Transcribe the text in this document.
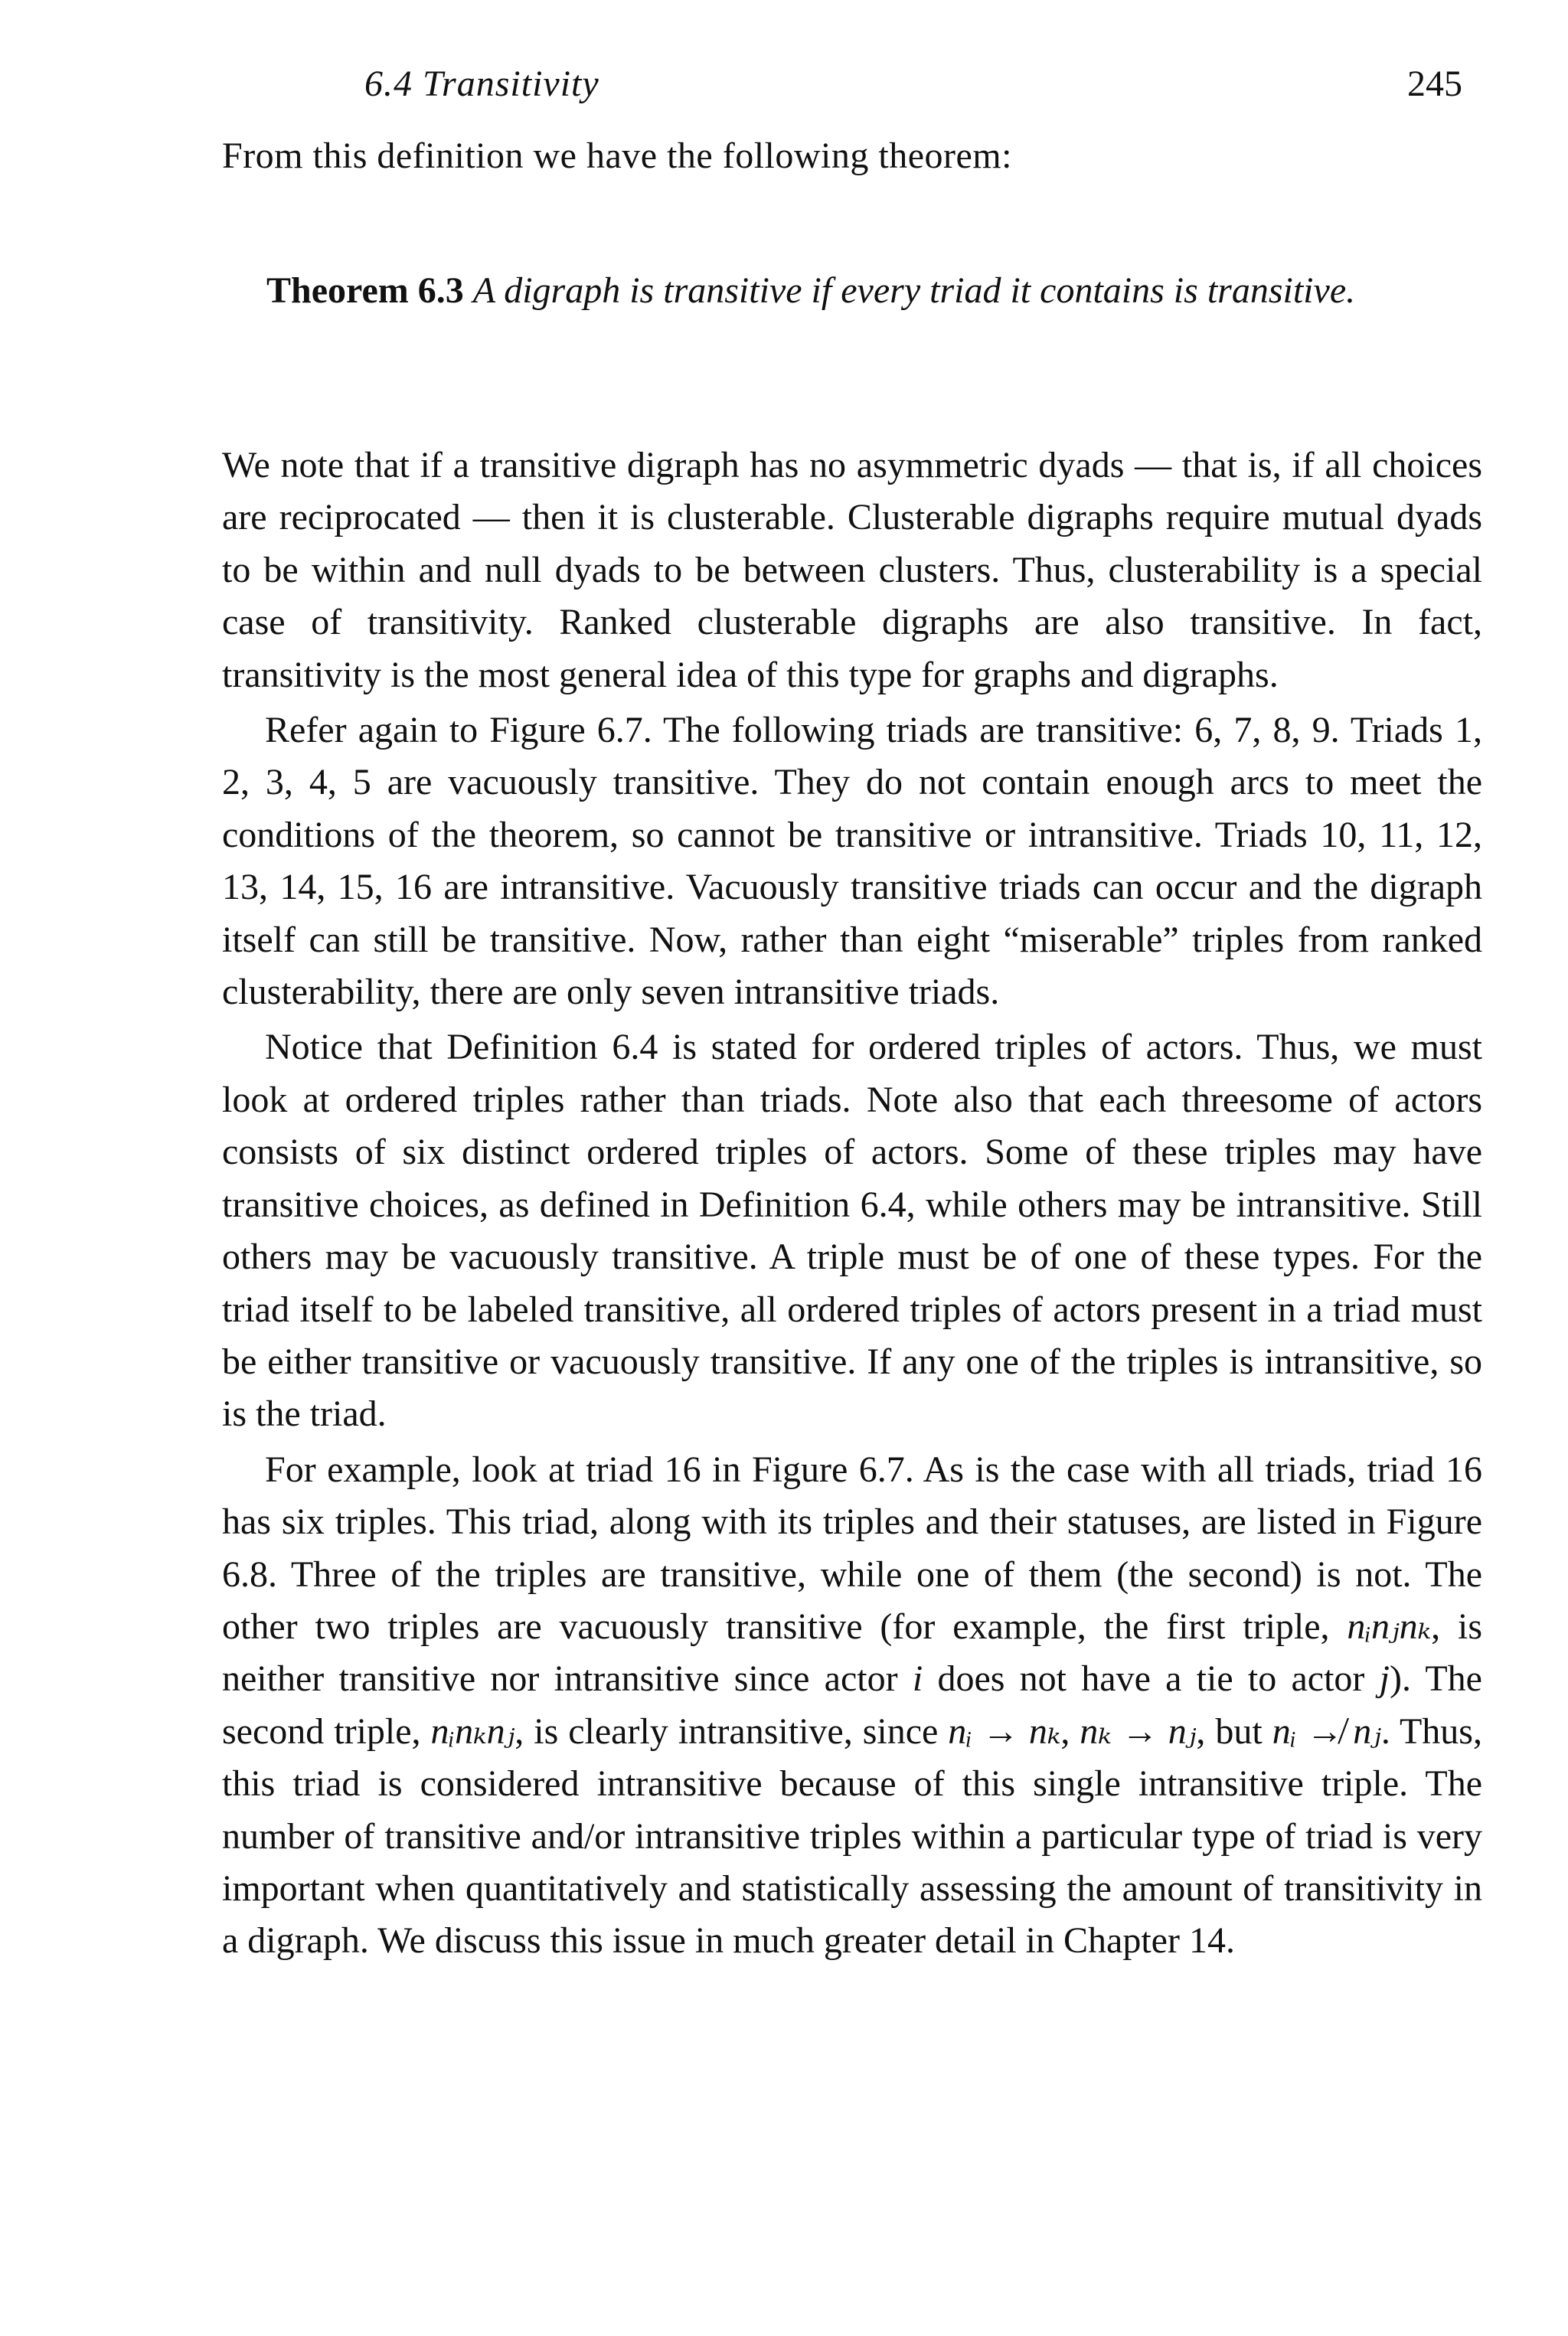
6.4 Transitivity	245
From this definition we have the following theorem:
Theorem 6.3 A digraph is transitive if every triad it contains is transitive.

We note that if a transitive digraph has no asymmetric dyads — that is, if all choices are reciprocated — then it is clusterable. Clusterable digraphs require mutual dyads to be within and null dyads to be between clusters. Thus, clusterability is a special case of transitivity. Ranked clusterable digraphs are also transitive. In fact, transitivity is the most general idea of this type for graphs and digraphs.

Refer again to Figure 6.7. The following triads are transitive: 6, 7, 8, 9. Triads 1, 2, 3, 4, 5 are vacuously transitive. They do not contain enough arcs to meet the conditions of the theorem, so cannot be transitive or intransitive. Triads 10, 11, 12, 13, 14, 15, 16 are intransitive. Vacuously transitive triads can occur and the digraph itself can still be transitive. Now, rather than eight “miserable” triples from ranked clusterability, there are only seven intransitive triads.

Notice that Definition 6.4 is stated for ordered triples of actors. Thus, we must look at ordered triples rather than triads. Note also that each threesome of actors consists of six distinct ordered triples of actors. Some of these triples may have transitive choices, as defined in Definition 6.4, while others may be intransitive. Still others may be vacuously transitive. A triple must be of one of these types. For the triad itself to be labeled transitive, all ordered triples of actors present in a triad must be either transitive or vacuously transitive. If any one of the triples is intransitive, so is the triad.

For example, look at triad 16 in Figure 6.7. As is the case with all triads, triad 16 has six triples. This triad, along with its triples and their statuses, are listed in Figure 6.8. Three of the triples are transitive, while one of them (the second) is not. The other two triples are vacuously transitive (for example, the first triple, nᵢnⱼnₖ, is neither transitive nor intransitive since actor i does not have a tie to actor j). The second triple, nᵢnₖnⱼ, is clearly intransitive, since nᵢ → nₖ, nₖ → nⱼ, but nᵢ ↛ nⱼ. Thus, this triad is considered intransitive because of this single intransitive triple. The number of transitive and/or intransitive triples within a particular type of triad is very important when quantitatively and statistically assessing the amount of transitivity in a digraph. We discuss this issue in much greater detail in Chapter 14.
